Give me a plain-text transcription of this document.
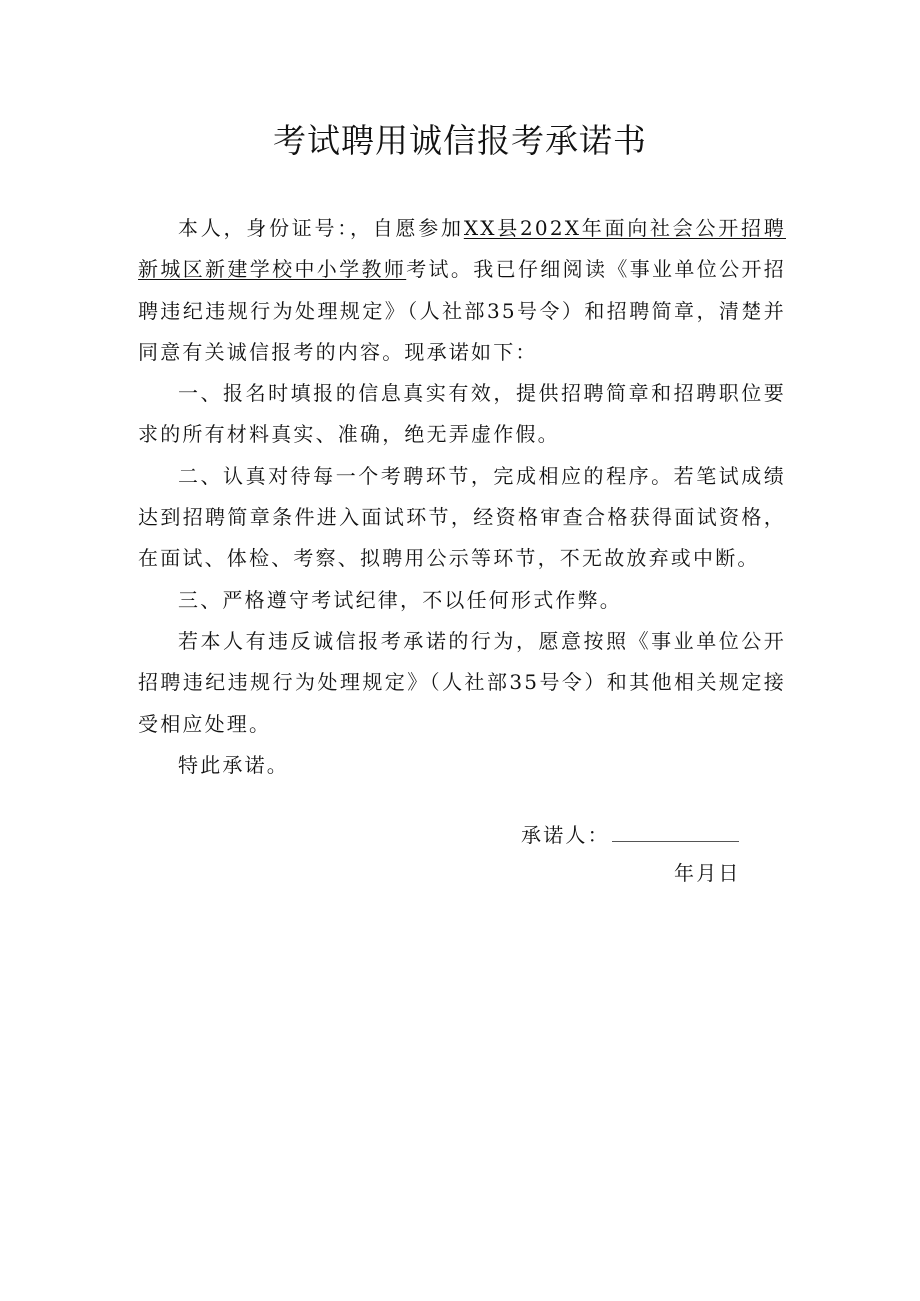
考试聘用诚信报考承诺书

本人，身份证号：，自愿参加XX县202X年面向社会公开招聘新城区新建学校中小学教师考试。我已仔细阅读《事业单位公开招聘违纪违规行为处理规定》（人社部35号令）和招聘简章，清楚并同意有关诚信报考的内容。现承诺如下：

一、报名时填报的信息真实有效，提供招聘简章和招聘职位要求的所有材料真实、准确，绝无弄虚作假。

二、认真对待每一个考聘环节，完成相应的程序。若笔试成绩达到招聘简章条件进入面试环节，经资格审查合格获得面试资格，在面试、体检、考察、拟聘用公示等环节，不无故放弃或中断。

三、严格遵守考试纪律，不以任何形式作弊。

若本人有违反诚信报考承诺的行为，愿意按照《事业单位公开招聘违纪违规行为处理规定》（人社部35号令）和其他相关规定接受相应处理。

特此承诺。

承诺人：
年月日
